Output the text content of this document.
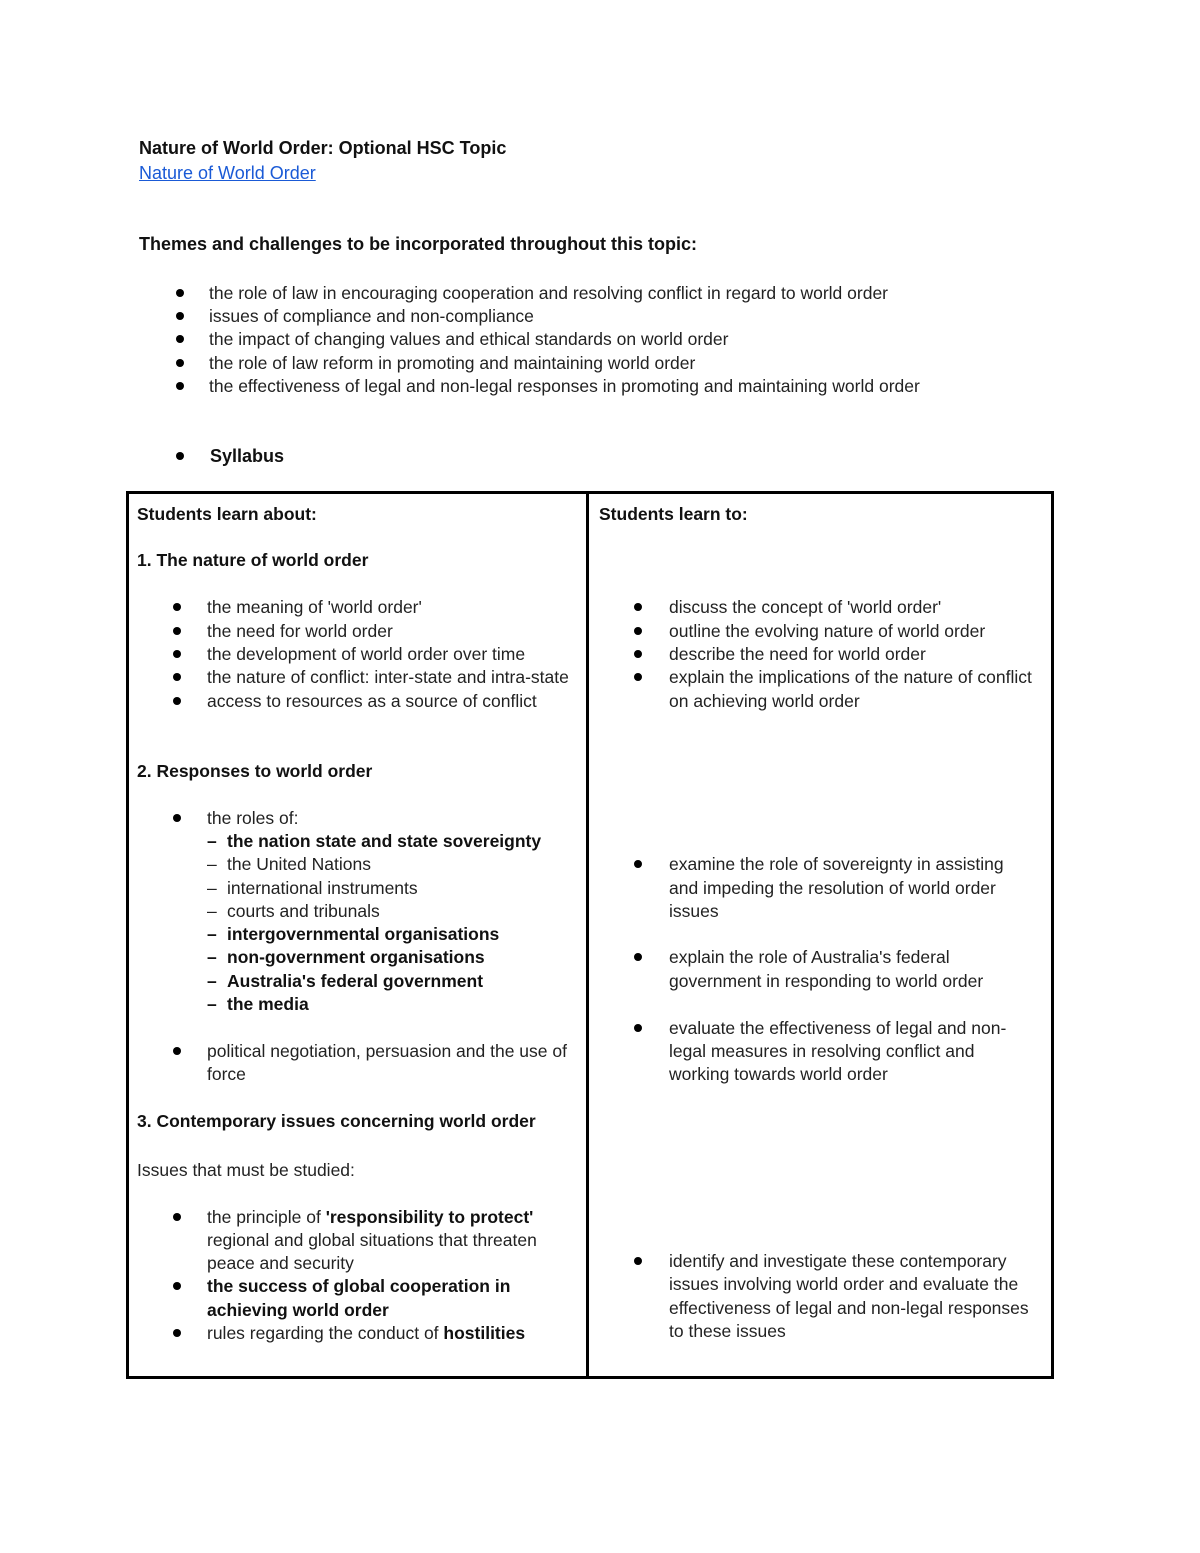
Nature of World Order: Optional HSC Topic
Nature of World Order
Themes and challenges to be incorporated throughout this topic:
the role of law in encouraging cooperation and resolving conflict in regard to world order
issues of compliance and non-compliance
the impact of changing values and ethical standards on world order
the role of law reform in promoting and maintaining world order
the effectiveness of legal and non-legal responses in promoting and maintaining world order
Syllabus
Students learn about:
1. The nature of world order
the meaning of 'world order'
the need for world order
the development of world order over time
the nature of conflict: inter-state and intra-state
access to resources as a source of conflict
2. Responses to world order
the roles of:
– the nation state and state sovereignty
– the United Nations
– international instruments
– courts and tribunals
– intergovernmental organisations
– non-government organisations
– Australia's federal government
– the media
political negotiation, persuasion and the use of
force
3. Contemporary issues concerning world order
Issues that must be studied:
the principle of 'responsibility to protect'
regional and global situations that threaten
peace and security
the success of global cooperation in
achieving world order
rules regarding the conduct of hostilities
Students learn to:
discuss the concept of 'world order'
outline the evolving nature of world order
describe the need for world order
explain the implications of the nature of conflict
on achieving world order
examine the role of sovereignty in assisting
and impeding the resolution of world order
issues
explain the role of Australia's federal
government in responding to world order
evaluate the effectiveness of legal and non-
legal measures in resolving conflict and
working towards world order
identify and investigate these contemporary
issues involving world order and evaluate the
effectiveness of legal and non-legal responses
to these issues
